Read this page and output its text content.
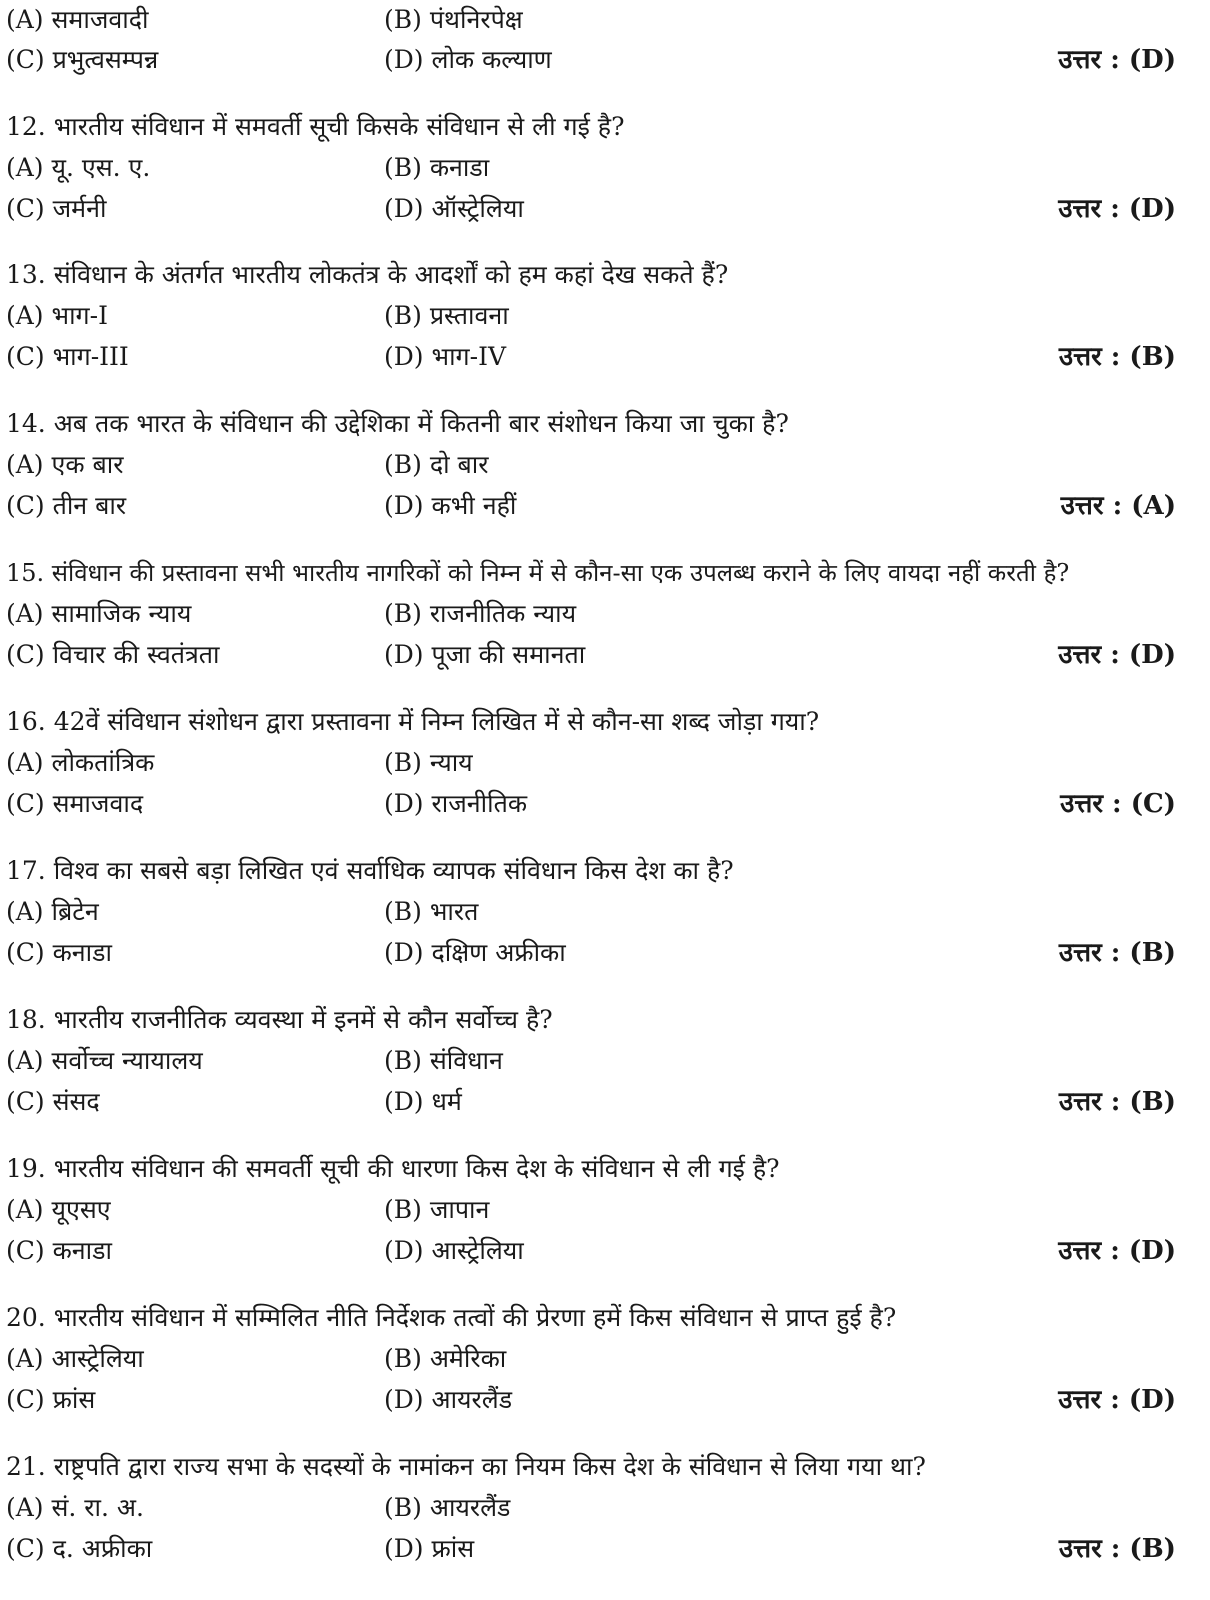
(A) समाजवादी	(B) पंथनिरपेक्ष
(C) प्रभुत्वसम्पन्न	(D) लोक कल्याण	उत्तर : (D)
12. भारतीय संविधान में समवर्ती सूची किसके संविधान से ली गई है?
(A) यू. एस. ए.	(B) कनाडा
(C) जर्मनी	(D) ऑस्ट्रेलिया	उत्तर : (D)
13. संविधान के अंतर्गत भारतीय लोकतंत्र के आदर्शों को हम कहां देख सकते हैं?
(A) भाग-I	(B) प्रस्तावना
(C) भाग-III	(D) भाग-IV	उत्तर : (B)
14. अब तक भारत के संविधान की उद्देशिका में कितनी बार संशोधन किया जा चुका है?
(A) एक बार	(B) दो बार
(C) तीन बार	(D) कभी नहीं	उत्तर : (A)
15. संविधान की प्रस्तावना सभी भारतीय नागरिकों को निम्न में से कौन-सा एक उपलब्ध कराने के लिए वायदा नहीं करती है?
(A) सामाजिक न्याय	(B) राजनीतिक न्याय
(C) विचार की स्वतंत्रता	(D) पूजा की समानता	उत्तर : (D)
16. 42वें संविधान संशोधन द्वारा प्रस्तावना में निम्न लिखित में से कौन-सा शब्द जोड़ा गया?
(A) लोकतांत्रिक	(B) न्याय
(C) समाजवाद	(D) राजनीतिक	उत्तर : (C)
17. विश्व का सबसे बड़ा लिखित एवं सर्वाधिक व्यापक संविधान किस देश का है?
(A) ब्रिटेन	(B) भारत
(C) कनाडा	(D) दक्षिण अफ्रीका	उत्तर : (B)
18. भारतीय राजनीतिक व्यवस्था में इनमें से कौन सर्वोच्च है?
(A) सर्वोच्च न्यायालय	(B) संविधान
(C) संसद	(D) धर्म	उत्तर : (B)
19. भारतीय संविधान की समवर्ती सूची की धारणा किस देश के संविधान से ली गई है?
(A) यूएसए	(B) जापान
(C) कनाडा	(D) आस्ट्रेलिया	उत्तर : (D)
20. भारतीय संविधान में सम्मिलित नीति निर्देशक तत्वों की प्रेरणा हमें किस संविधान से प्राप्त हुई है?
(A) आस्ट्रेलिया	(B) अमेरिका
(C) फ्रांस	(D) आयरलैंड	उत्तर : (D)
21. राष्ट्रपति द्वारा राज्य सभा के सदस्यों के नामांकन का नियम किस देश के संविधान से लिया गया था?
(A) सं. रा. अ.	(B) आयरलैंड
(C) द. अफ्रीका	(D) फ्रांस	उत्तर : (B)
